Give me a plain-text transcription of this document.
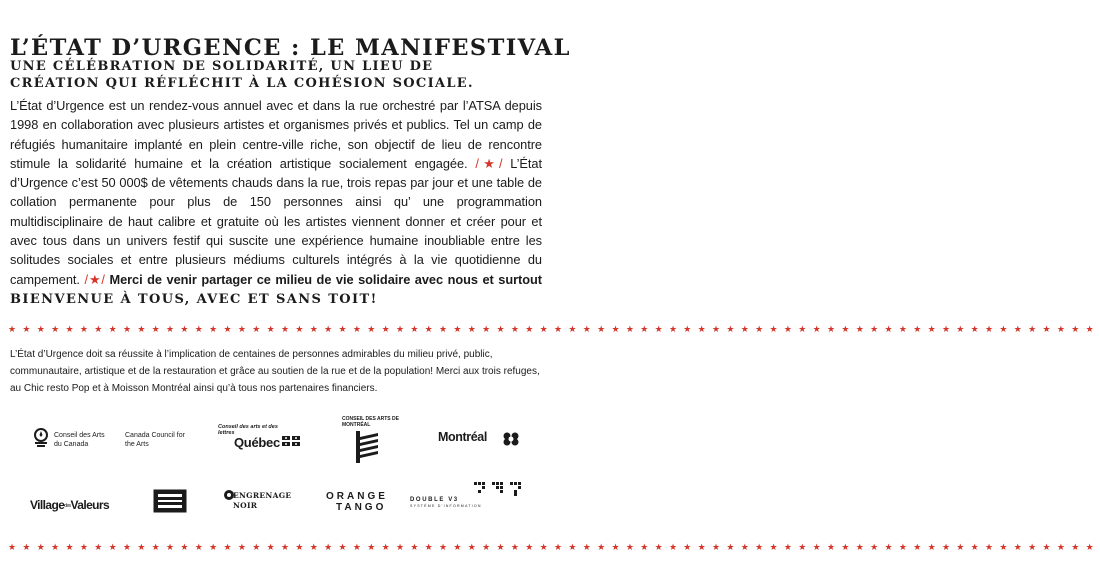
L’ÉTAT D’URGENCE : LE MANIFESTIVAL
UNE CÉLÉBRATION DE SOLIDARITÉ, UN LIEU DE CRÉATION QUI RÉFLÉCHIT À LA COHÉSION SOCIALE.
L’État d’Urgence est un rendez-vous annuel avec et dans la rue orchestré par l’ATSA depuis 1998 en collaboration avec plusieurs artistes et organismes privés et publics. Tel un camp de réfugiés humanitaire implanté en plein centre-ville riche, son objectif de lieu de rencontre stimule la solidarité humaine et la création artistique socialement engagée. /★/ L’État d’Urgence c’est 50 000$ de vêtements chauds dans la rue, trois repas par jour et une table de collation permanente pour plus de 150 personnes ainsi qu’ une programmation multidisciplinaire de haut calibre et gratuite où les artistes viennent donner et créer pour et avec tous dans un univers festif qui suscite une expérience humaine inoubliable entre les solitudes sociales et entre plusieurs médiums culturels intégrés à la vie quotidienne du campement. /★/ Merci de venir partager ce milieu de vie solidaire avec nous et surtout BIENVENUE À TOUS, AVEC ET SANS TOIT!
★★★★★★★★★★★★★★★★★★★★★★★★★★★★★★★★★★★★★★★★★★★★★★★★★★★★★★★★★★★★★★★★★★★★★★★★★★★★
L’État d’Urgence doit sa réussite à l’implication de centaines de personnes admirables du milieu privé, public, communautaire, artistique et de la restauration et grâce au soutien de la rue et de la population! Merci aux trois refuges, au Chic resto Pop et à Moisson Montréal ainsi qu’à tous nos partenaires financiers.
Conseil des Arts du Canada
Canada Council for the Arts
Conseil des arts et des lettres
Québec
CONSEIL DES ARTS DE MONTRÉAL
Montréal
VillagedesValeurs
ENGRENAGE NOIR
ORANGE
TANGO
DOUBLE V3
SYSTÈME D’INFORMATION
★★★★★★★★★★★★★★★★★★★★★★★★★★★★★★★★★★★★★★★★★★★★★★★★★★★★★★★★★★★★★★★★★★★★★★★★★★★★
